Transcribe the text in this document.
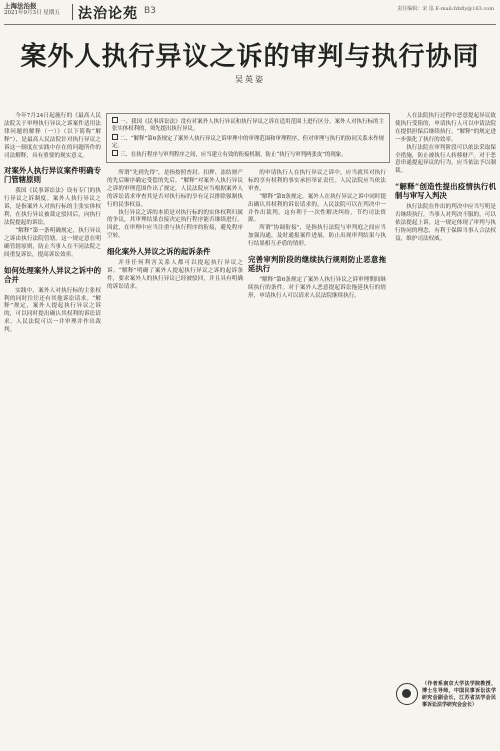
上海法治报
2021年9月3日 星期五 法治论苑 B3	责任编辑：宋 泓 E-mail:fzbfly@163.com
案外人执行异议之诉的审判与执行协同
吴英姿

今年7月24日起施行的《最高人民法院关于审理执行异议之诉案件适用法律问题的解释（一）》（以下简称“解释”），是最高人民法院针对执行异议之诉这一制度在实践中存在的问题所作的司法解释，具有重要的现实意义。

对案外人执行异议案件明确专门管辖原则

我国《民事诉讼法》设有专门的执行异议之诉制度。案外人执行异议之诉，是指案外人对执行标的主张实体权利，在执行异议被裁定驳回后，向执行法院提起的诉讼。

“解释”第一条明确规定，执行异议之诉由执行法院管辖。这一规定意在明确管辖原则，防止当事人在不同法院之间重复诉讼，提高诉讼效率。

如何处理案外人异议之诉中的合并

实践中，案外人对执行标的主张权利的同时往往还有其他诉讼请求。“解释”规定，案外人提起执行异议之诉的，可以同时提出确认其权利的诉讼请求，人民法院可以一并审理并作出裁判。

一、我国《民事诉讼法》没有对案外人执行异议和执行异议之诉在适用范围上进行区分，案外人对执行标的主张实体权利的，须先提出执行异议。

二、“解释”第6条规定了案外人执行异议之诉审理中的审理范围和审理程序，但对审理与执行的协同关系未作规定。

三、在执行程序与审判程序之间，应当建立有效的衔接机制，防止“执行与审判两张皮”的现象。

所谓“先到先得”，是指按照查封、扣押、冻结财产的先后顺序确定受偿的先后。“解释”对案外人执行异议之诉的审理范围作出了规定，人民法院应当根据案外人的诉讼请求审查其是否对执行标的享有足以排除强制执行的民事权益。

执行异议之诉的本质是对执行标的的实体权利归属的争议，其审理结果直接决定执行程序能否继续进行。因此，在审理中应当注重与执行程序的衔接，避免程序空转。

细化案外人异议之诉的起诉条件

并非任何利害关系人都可以提起执行异议之诉。“解释”明确了案外人提起执行异议之诉的起诉条件，要求案外人的执行异议已经被驳回，并且具有明确的诉讼请求。

的申请执行人在执行异议之诉中，应当就其对执行标的享有权利的事实承担举证责任。人民法院应当依法审查。

“解释”第8条规定，案外人在执行异议之诉中同时提出确认其权利的诉讼请求的，人民法院可以在判决中一并作出裁判。这有利于一次性解决纠纷，节约司法资源。

所谓“协调衔接”，是指执行法院与审判庭之间应当加强沟通，及时通报案件进展，防止出现审判结果与执行结果相互矛盾的情形。

完善审判阶段的继续执行规则防止恶意拖延执行

“解释”第6条规定了案外人执行异议之诉审理期间继续执行的条件。对于案外人恶意提起诉讼拖延执行的情形，申请执行人可以请求人民法院继续执行。

人在法院执行过程中恶意提起异议致使执行受阻的，申请执行人可以申请法院在提供担保后继续执行。“解释”的规定进一步强化了执行的效率。

执行法院在审判阶段可以依法采取保全措施，防止被执行人转移财产。对于恶意串通提起异议的行为，应当依法予以制裁。

“解释”创造性提出疫情执行机制与审写入判决

执行法院在作出的判决中应当写明是否继续执行，当事人对判决不服的，可以依法提起上诉。这一规定体现了审判与执行协同的理念，有利于保障当事人合法权益，维护司法权威。

（作者系南京大学法学院教授、博士生导师，中国民事诉讼法学研究会副会长，江苏省法学会民事诉讼法学研究会会长）
